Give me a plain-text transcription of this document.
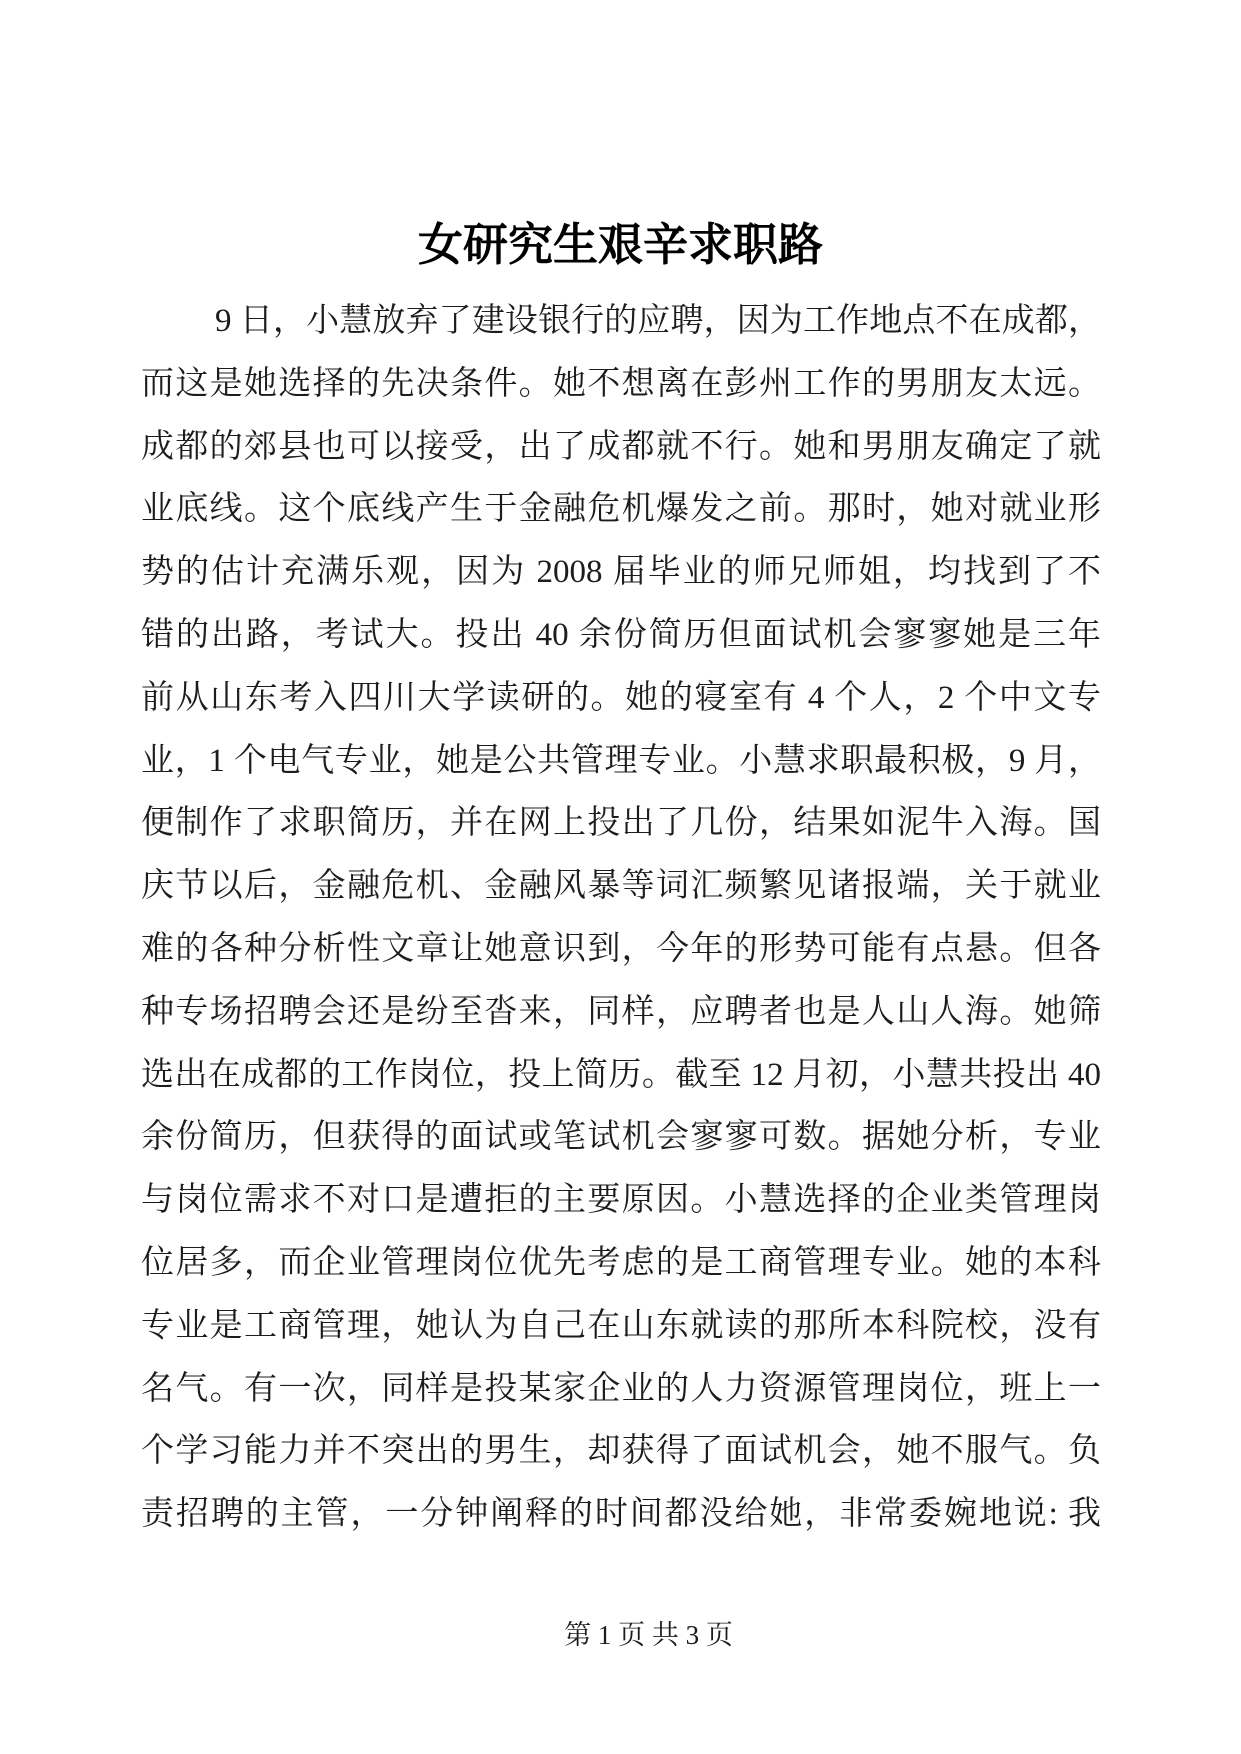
女研究生艰辛求职路
9 日，小慧放弃了建设银行的应聘，因为工作地点不在成都，
而这是她选择的先决条件。她不想离在彭州工作的男朋友太远。
成都的郊县也可以接受，出了成都就不行。她和男朋友确定了就
业底线。这个底线产生于金融危机爆发之前。那时，她对就业形
势的估计充满乐观，因为 2008 届毕业的师兄师姐，均找到了不
错的出路，考试大。投出 40 余份简历但面试机会寥寥她是三年
前从山东考入四川大学读研的。她的寝室有 4 个人，2 个中文专
业，1 个电气专业，她是公共管理专业。小慧求职最积极，9 月，
便制作了求职简历，并在网上投出了几份，结果如泥牛入海。国
庆节以后，金融危机、金融风暴等词汇频繁见诸报端，关于就业
难的各种分析性文章让她意识到，今年的形势可能有点悬。但各
种专场招聘会还是纷至沓来，同样，应聘者也是人山人海。她筛
选出在成都的工作岗位，投上简历。截至 12 月初，小慧共投出 40
余份简历，但获得的面试或笔试机会寥寥可数。据她分析，专业
与岗位需求不对口是遭拒的主要原因。小慧选择的企业类管理岗
位居多，而企业管理岗位优先考虑的是工商管理专业。她的本科
专业是工商管理，她认为自己在山东就读的那所本科院校，没有
名气。有一次，同样是投某家企业的人力资源管理岗位，班上一
个学习能力并不突出的男生，却获得了面试机会，她不服气。负
责招聘的主管，一分钟阐释的时间都没给她，非常委婉地说: 我
第 1 页 共 3 页
